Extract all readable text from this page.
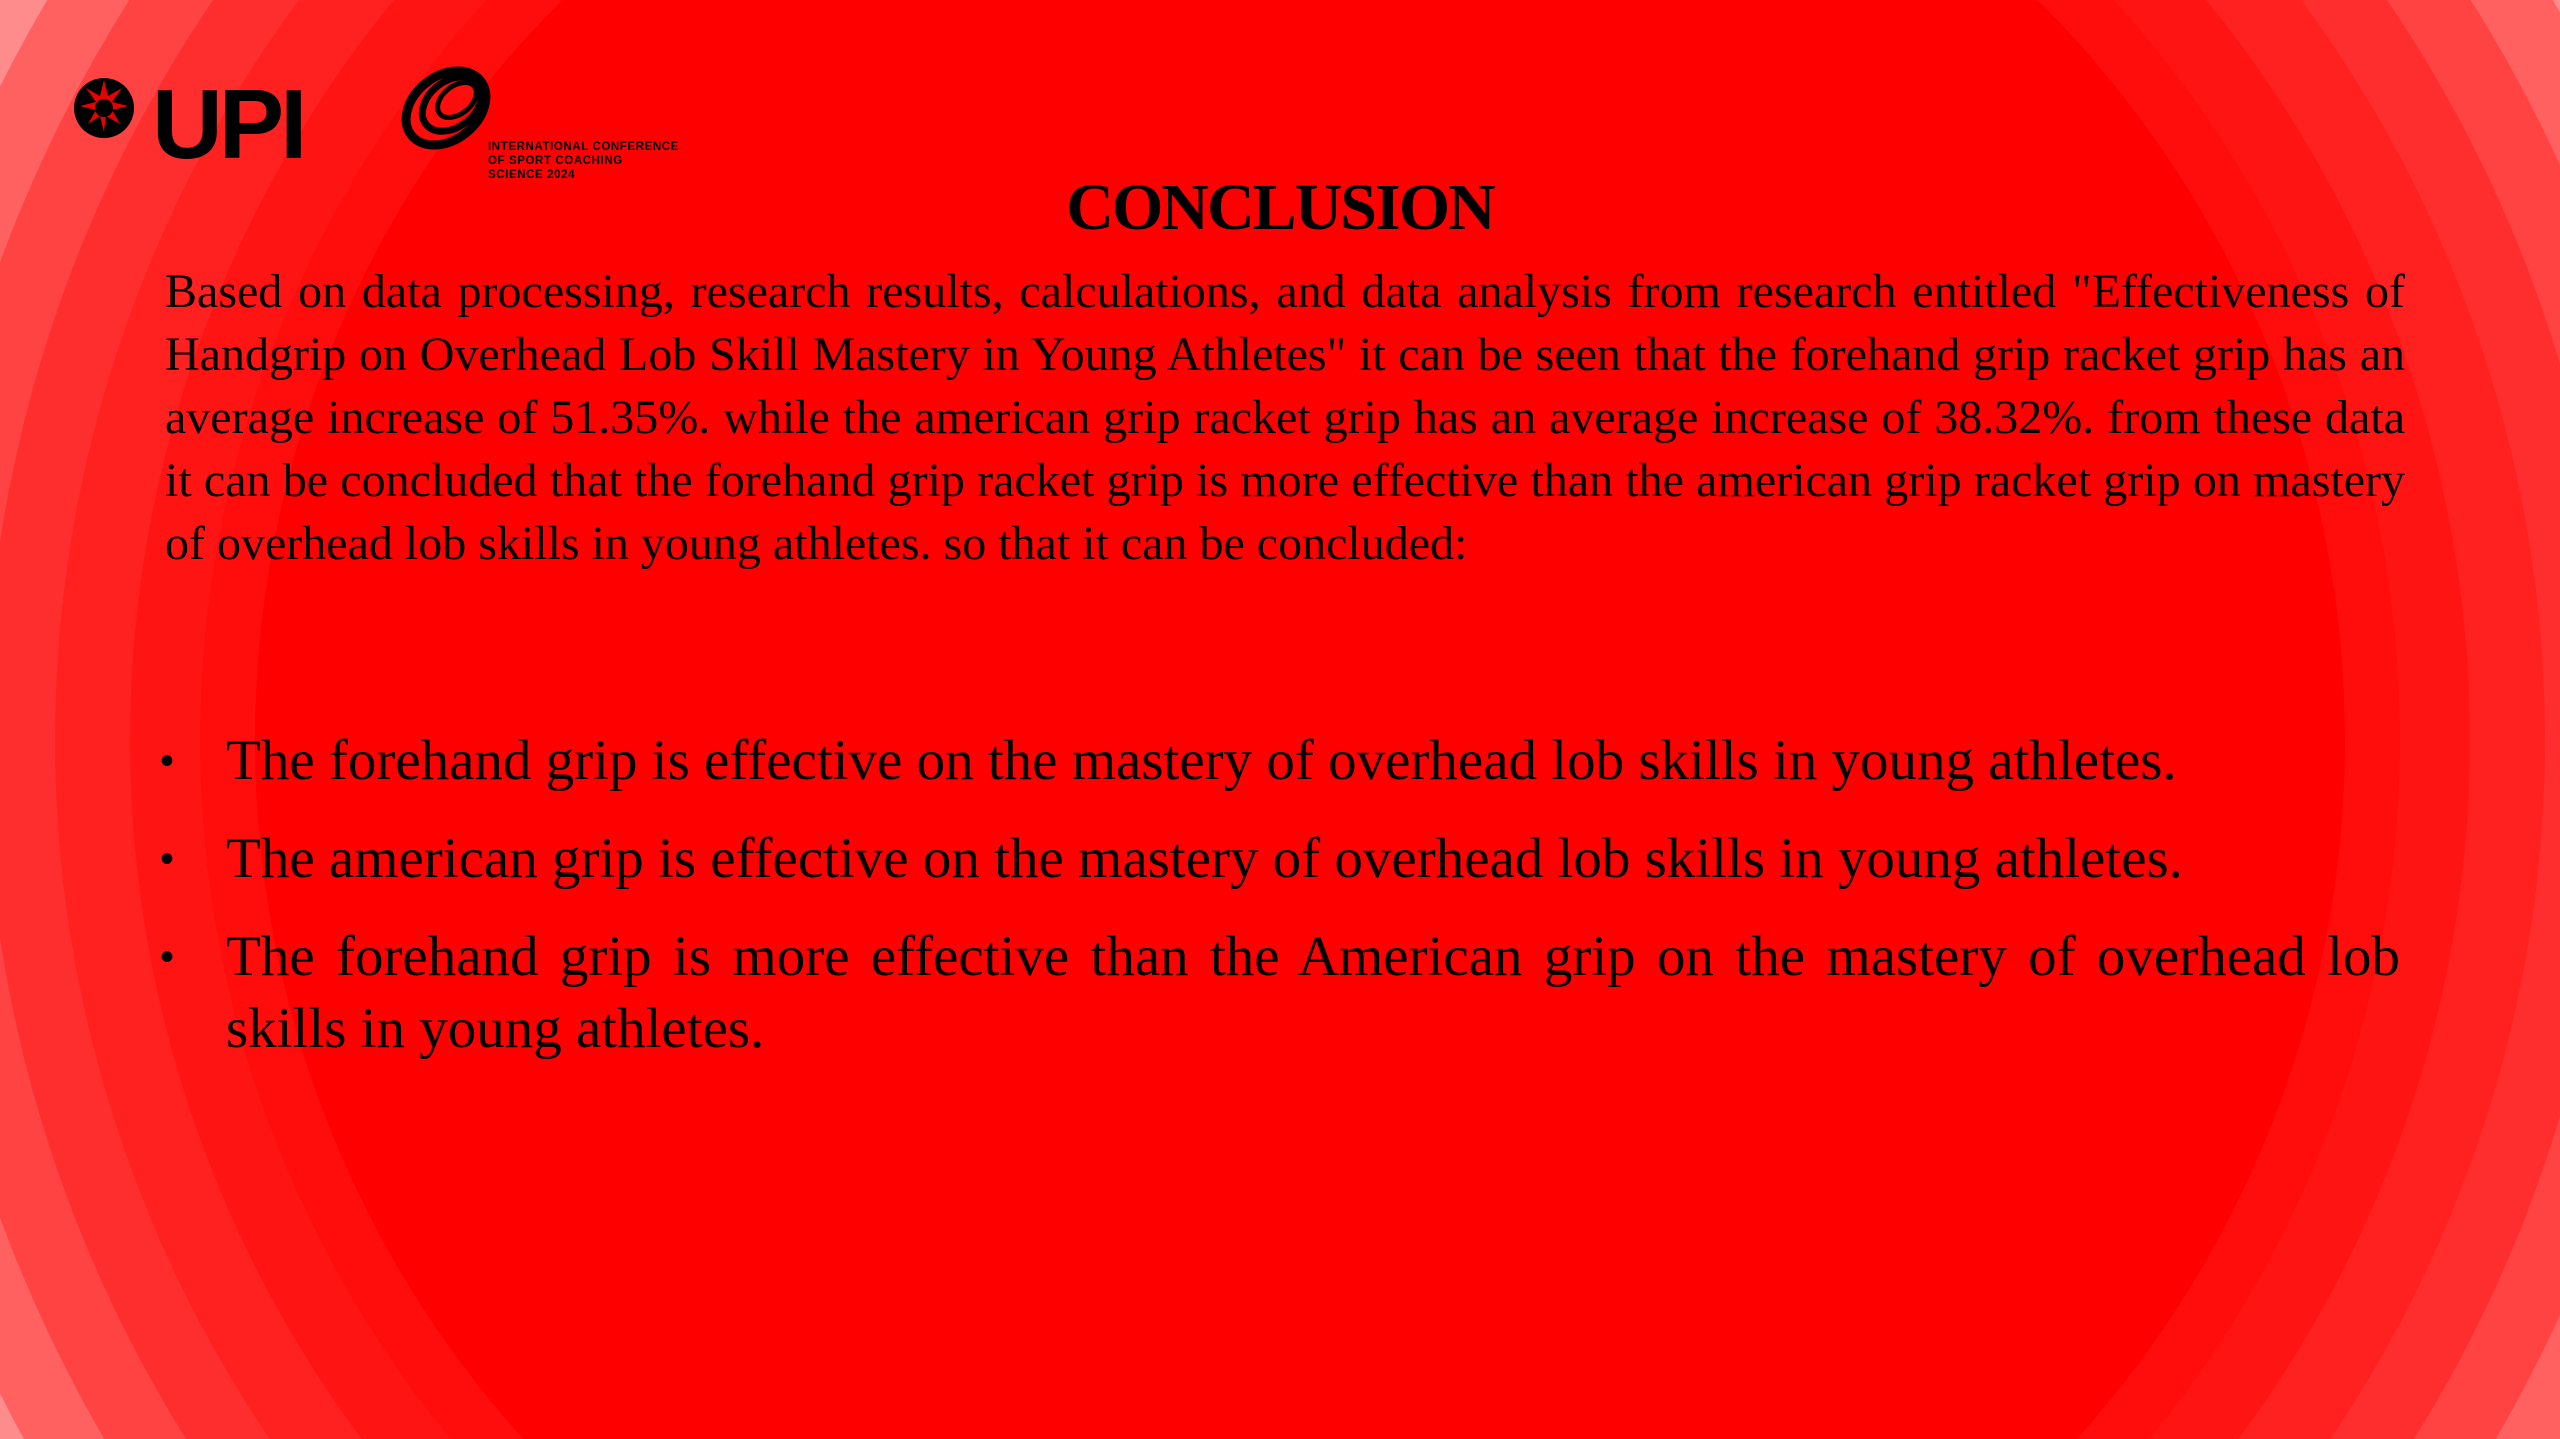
UPI	INTERNATIONAL CONFERENCE
OF SPORT COACHING
SCIENCE 2024	CONCLUSION

Based on data processing, research results, calculations, and data analysis from research entitled "Effectiveness of Handgrip on Overhead Lob Skill Mastery in Young Athletes" it can be seen that the forehand grip racket grip has an average increase of 51.35%. while the american grip racket grip has an average increase of 38.32%. from these data it can be concluded that the forehand grip racket grip is more effective than the american grip racket grip on mastery of overhead lob skills in young athletes. so that it can be concluded:

• The forehand grip is effective on the mastery of overhead lob skills in young athletes.
• The american grip is effective on the mastery of overhead lob skills in young athletes.
• The forehand grip is more effective than the American grip on the mastery of overhead lob skills in young athletes.
